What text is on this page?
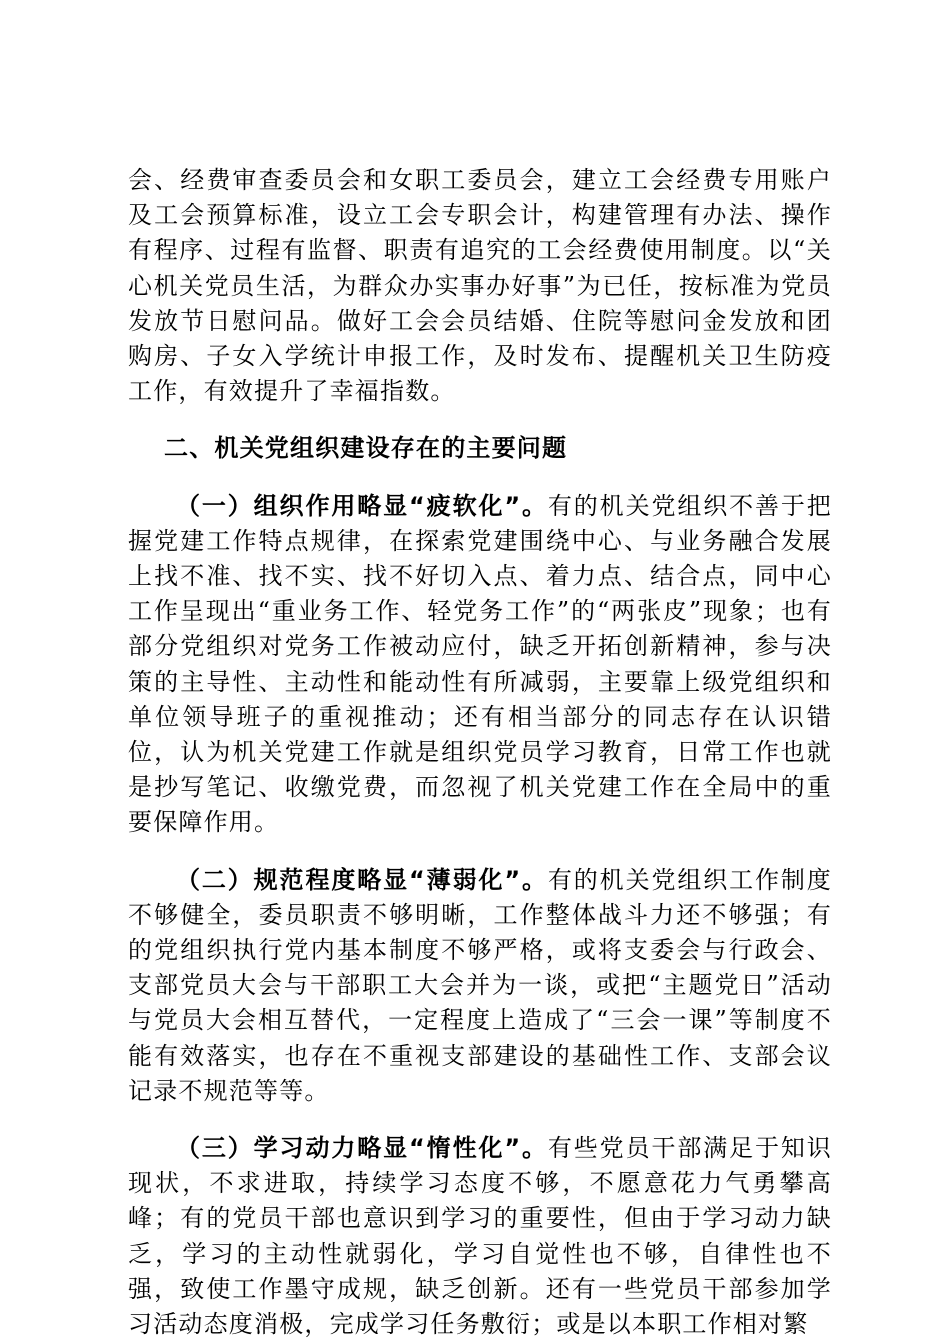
会、经费审查委员会和女职工委员会，建立工会经费专用账户及工会预算标准，设立工会专职会计，构建管理有办法、操作有程序、过程有监督、职责有追究的工会经费使用制度。以“关心机关党员生活，为群众办实事办好事”为已任，按标准为党员发放节日慰问品。做好工会会员结婚、住院等慰问金发放和团购房、子女入学统计申报工作，及时发布、提醒机关卫生防疫工作，有效提升了幸福指数。

二、机关党组织建设存在的主要问题

（一）组织作用略显“疲软化”。有的机关党组织不善于把握党建工作特点规律，在探索党建围绕中心、与业务融合发展上找不准、找不实、找不好切入点、着力点、结合点，同中心工作呈现出“重业务工作、轻党务工作”的“两张皮”现象；也有部分党组织对党务工作被动应付，缺乏开拓创新精神，参与决策的主导性、主动性和能动性有所减弱，主要靠上级党组织和单位领导班子的重视推动；还有相当部分的同志存在认识错位，认为机关党建工作就是组织党员学习教育，日常工作也就是抄写笔记、收缴党费，而忽视了机关党建工作在全局中的重要保障作用。

（二）规范程度略显“薄弱化”。有的机关党组织工作制度不够健全，委员职责不够明晰，工作整体战斗力还不够强；有的党组织执行党内基本制度不够严格，或将支委会与行政会、支部党员大会与干部职工大会并为一谈，或把“主题党日”活动与党员大会相互替代，一定程度上造成了“三会一课”等制度不能有效落实，也存在不重视支部建设的基础性工作、支部会议记录不规范等等。

（三）学习动力略显“惰性化”。有些党员干部满足于知识现状，不求进取，持续学习态度不够，不愿意花力气勇攀高峰；有的党员干部也意识到学习的重要性，但由于学习动力缺乏，学习的主动性就弱化，学习自觉性也不够，自律性也不强，致使工作墨守成规，缺乏创新。还有一些党员干部参加学习活动态度消极，完成学习任务敷衍；或是以本职工作相对繁
